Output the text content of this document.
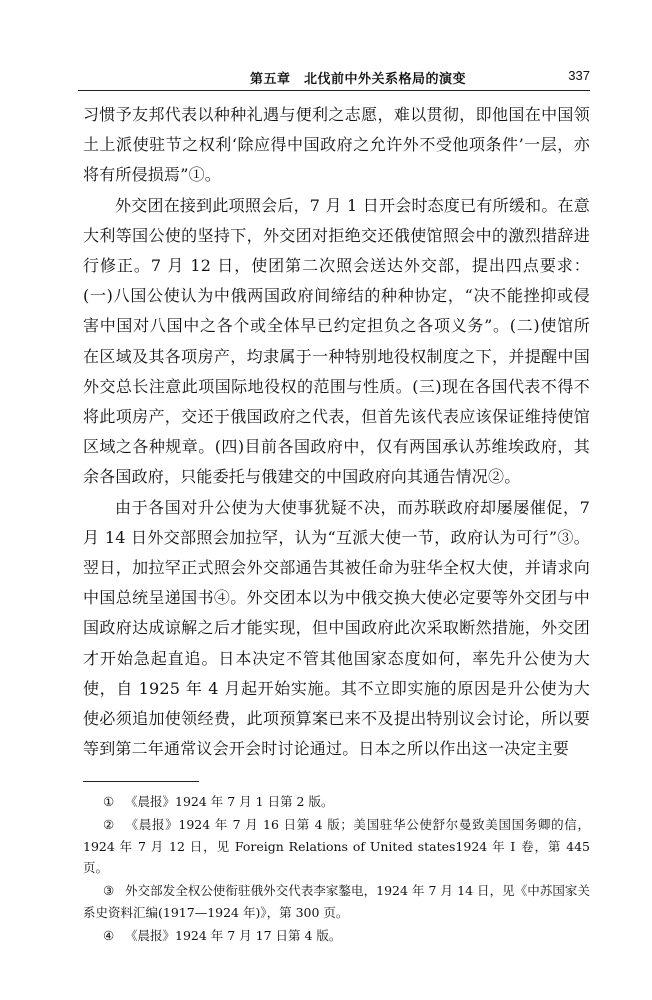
第五章　北伐前中外关系格局的演变	337

习惯予友邦代表以种种礼遇与便利之志愿，难以贯彻，即他国在中国领土上派使驻节之权利‘除应得中国政府之允许外不受他项条件’一层，亦将有所侵损焉”①。

外交团在接到此项照会后，7 月 1 日开会时态度已有所缓和。在意大利等国公使的坚持下，外交团对拒绝交还俄使馆照会中的激烈措辞进行修正。7 月 12 日，使团第二次照会送达外交部，提出四点要求：(一)八国公使认为中俄两国政府间缔结的种种协定，“决不能挫抑或侵害中国对八国中之各个或全体早已约定担负之各项义务”。(二)使馆所在区域及其各项房产，均隶属于一种特别地役权制度之下，并提醒中国外交总长注意此项国际地役权的范围与性质。(三)现在各国代表不得不将此项房产，交还于俄国政府之代表，但首先该代表应该保证维持使馆区域之各种规章。(四)目前各国政府中，仅有两国承认苏维埃政府，其余各国政府，只能委托与俄建交的中国政府向其通告情况②。

由于各国对升公使为大使事犹疑不决，而苏联政府却屡屡催促，7 月 14 日外交部照会加拉罕，认为“互派大使一节，政府认为可行”③。翌日，加拉罕正式照会外交部通告其被任命为驻华全权大使，并请求向中国总统呈递国书④。外交团本以为中俄交换大使必定要等外交团与中国政府达成谅解之后才能实现，但中国政府此次采取断然措施，外交团才开始急起直追。日本决定不管其他国家态度如何，率先升公使为大使，自 1925 年 4 月起开始实施。其不立即实施的原因是升公使为大使必须追加使领经费，此项预算案已来不及提出特别议会讨论，所以要等到第二年通常议会开会时讨论通过。日本之所以作出这一决定主要

① 《晨报》1924 年 7 月 1 日第 2 版。

② 《晨报》1924 年 7 月 16 日第 4 版；美国驻华公使舒尔曼致美国国务卿的信，1924 年 7 月 12 日，见 Foreign Relations of United states1924 年 Ⅰ 卷，第 445 页。

③ 外交部发全权公使衔驻俄外交代表李家鏊电，1924 年 7 月 14 日，见《中苏国家关系史资料汇编(1917—1924 年)》，第 300 页。

④ 《晨报》1924 年 7 月 17 日第 4 版。
